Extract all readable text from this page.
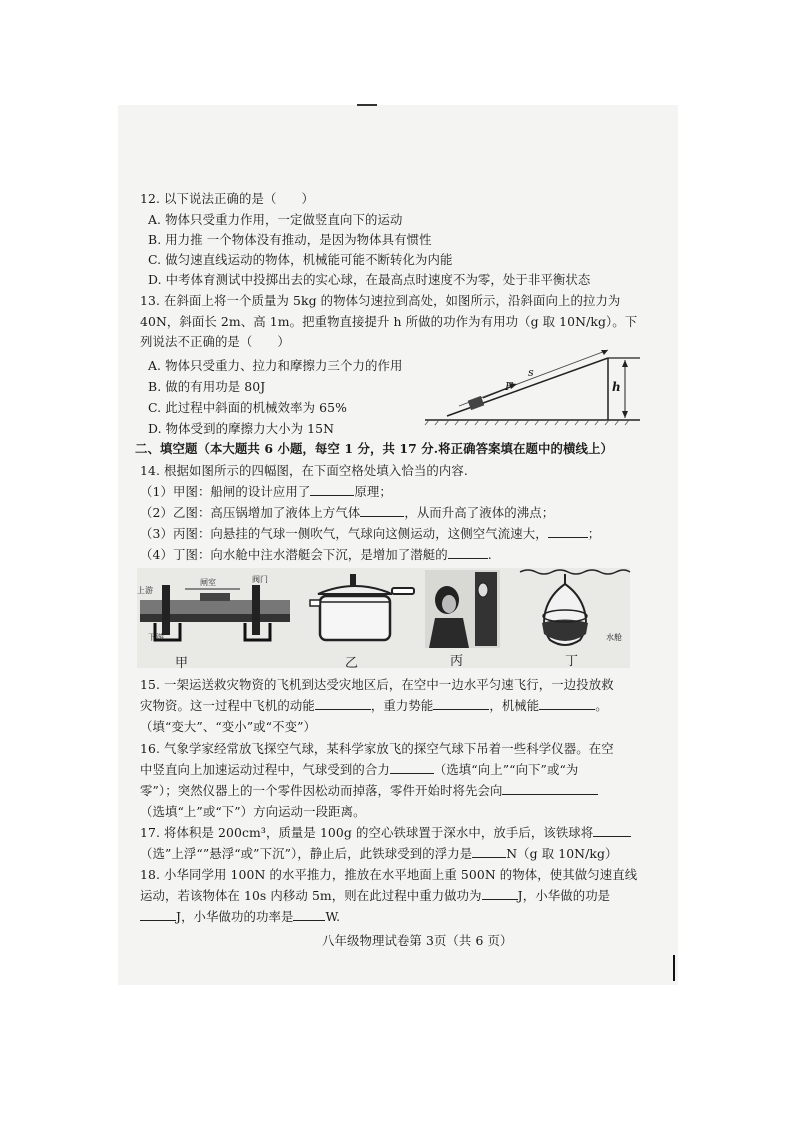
12. 以下说法正确的是（　　）
A. 物体只受重力作用，一定做竖直向下的运动
B. 用力推 一个物体没有推动，是因为物体具有惯性
C. 做匀速直线运动的物体，机械能可能不断转化为内能
D. 中考体育测试中投掷出去的实心球，在最高点时速度不为零，处于非平衡状态
13. 在斜面上将一个质量为 5kg 的物体匀速拉到高处，如图所示，沿斜面向上的拉力为
40N，斜面长 2m、高 1m。把重物直接提升 h 所做的功作为有用功（g 取 10N/kg）。下
列说法不正确的是（　　）
A. 物体只受重力、拉力和摩擦力三个力的作用
B. 做的有用功是 80J
C. 此过程中斜面的机械效率为 65%
D. 物体受到的摩擦力大小为 15N
s
F	h
二、填空题（本大题共 6 小题，每空 1 分，共 17 分.将正确答案填在题中的横线上）
14. 根据如图所示的四幅图，在下面空格处填入恰当的内容.
（1）甲图：船闸的设计应用了	原理；
（2）乙图：高压锅增加了液体上方气体	，从而升高了液体的沸点；
（3）丙图：向悬挂的气球一侧吹气，气球向这侧运动，这侧空气流速大，	；
（4）丁图：向水舱中注水潜艇会下沉，是增加了潜艇的	.
上游
闸室	阀门
下游	水舱
甲	乙	丙	丁
15. 一架运送救灾物资的飞机到达受灾地区后，在空中一边水平匀速飞行，一边投放救
灾物资。这一过程中飞机的动能	，重力势能	，机械能	。
（填“变大”、“变小”或“不变”）
16. 气象学家经常放飞探空气球，某科学家放飞的探空气球下吊着一些科学仪器。在空
中竖直向上加速运动过程中，气球受到的合力	（选填“向上”“向下”或“为
零”）；突然仪器上的一个零件因松动而掉落，零件开始时将先会向
（选填“上”或“下”）方向运动一段距离。
17. 将体积是 200cm³，质量是 100g 的空心铁球置于深水中，放手后，该铁球将
（选”上浮“”悬浮“或”下沉”），静止后，此铁球受到的浮力是	N（g 取 10N/kg）
18. 小华同学用 100N 的水平推力，推放在水平地面上重 500N 的物体，使其做匀速直线
运动，若该物体在 10s 内移动 5m，则在此过程中重力做功为	J，小华做的功是
J，小华做功的功率是	W.
八年级物理试卷第 3页（共 6 页）
